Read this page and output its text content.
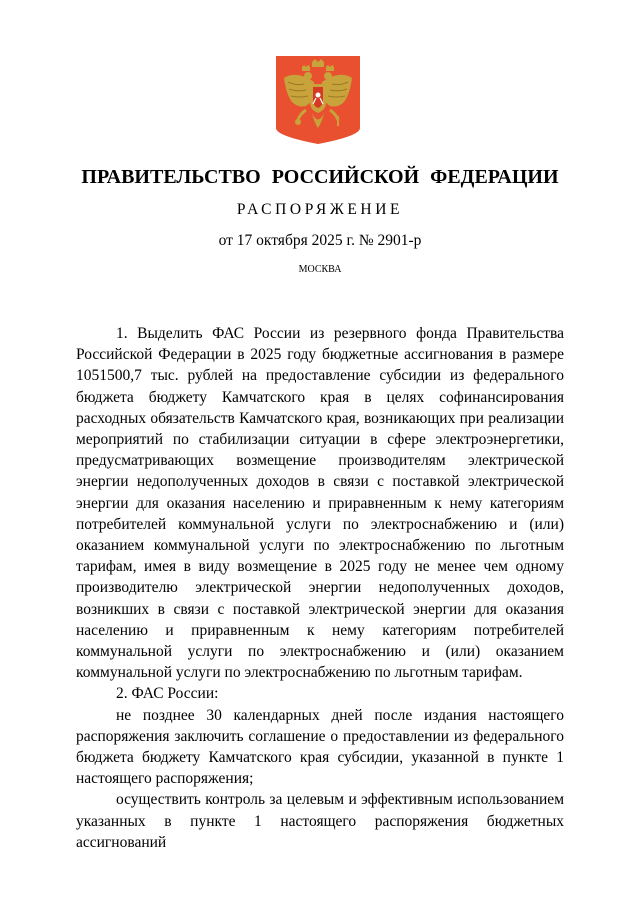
ПРАВИТЕЛЬСТВО РОССИЙСКОЙ ФЕДЕРАЦИИ
РАСПОРЯЖЕНИЕ
от 17 октября 2025 г. № 2901-р
МОСКВА

1. Выделить ФАС России из резервного фонда Правительства Российской Федерации в 2025 году бюджетные ассигнования в размере 1051500,7 тыс. рублей на предоставление субсидии из федерального бюджета бюджету Камчатского края в целях софинансирования расходных обязательств Камчатского края, возникающих при реализации мероприятий по стабилизации ситуации в сфере электроэнергетики, предусматривающих возмещение производителям электрической энергии недополученных доходов в связи с поставкой электрической энергии для оказания населению и приравненным к нему категориям потребителей коммунальной услуги по электроснабжению и (или) оказанием коммунальной услуги по электроснабжению по льготным тарифам, имея в виду возмещение в 2025 году не менее чем одному производителю электрической энергии недополученных доходов, возникших в связи с поставкой электрической энергии для оказания населению и приравненным к нему категориям потребителей коммунальной услуги по электроснабжению и (или) оказанием коммунальной услуги по электроснабжению по льготным тарифам.

2. ФАС России:

не позднее 30 календарных дней после издания настоящего распоряжения заключить соглашение о предоставлении из федерального бюджета бюджету Камчатского края субсидии, указанной в пункте 1 настоящего распоряжения;

осуществить контроль за целевым и эффективным использованием указанных в пункте 1 настоящего распоряжения бюджетных ассигнований
